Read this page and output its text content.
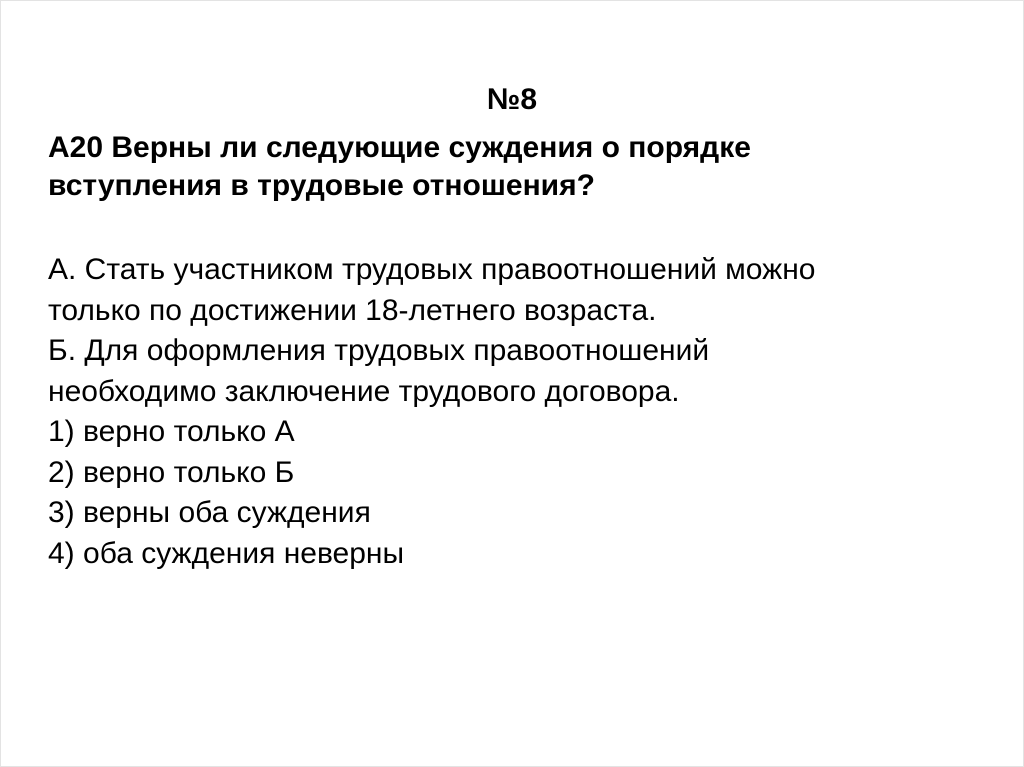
№8
А20 Верны ли следующие суждения о порядке
вступления в трудовые отношения?
А. Стать участником трудовых правоотношений можно
только по достижении 18-летнего возраста.
Б. Для оформления трудовых правоотношений
необходимо заключение трудового договора.
1) верно только А
2) верно только Б
3) верны оба суждения
4) оба суждения неверны
